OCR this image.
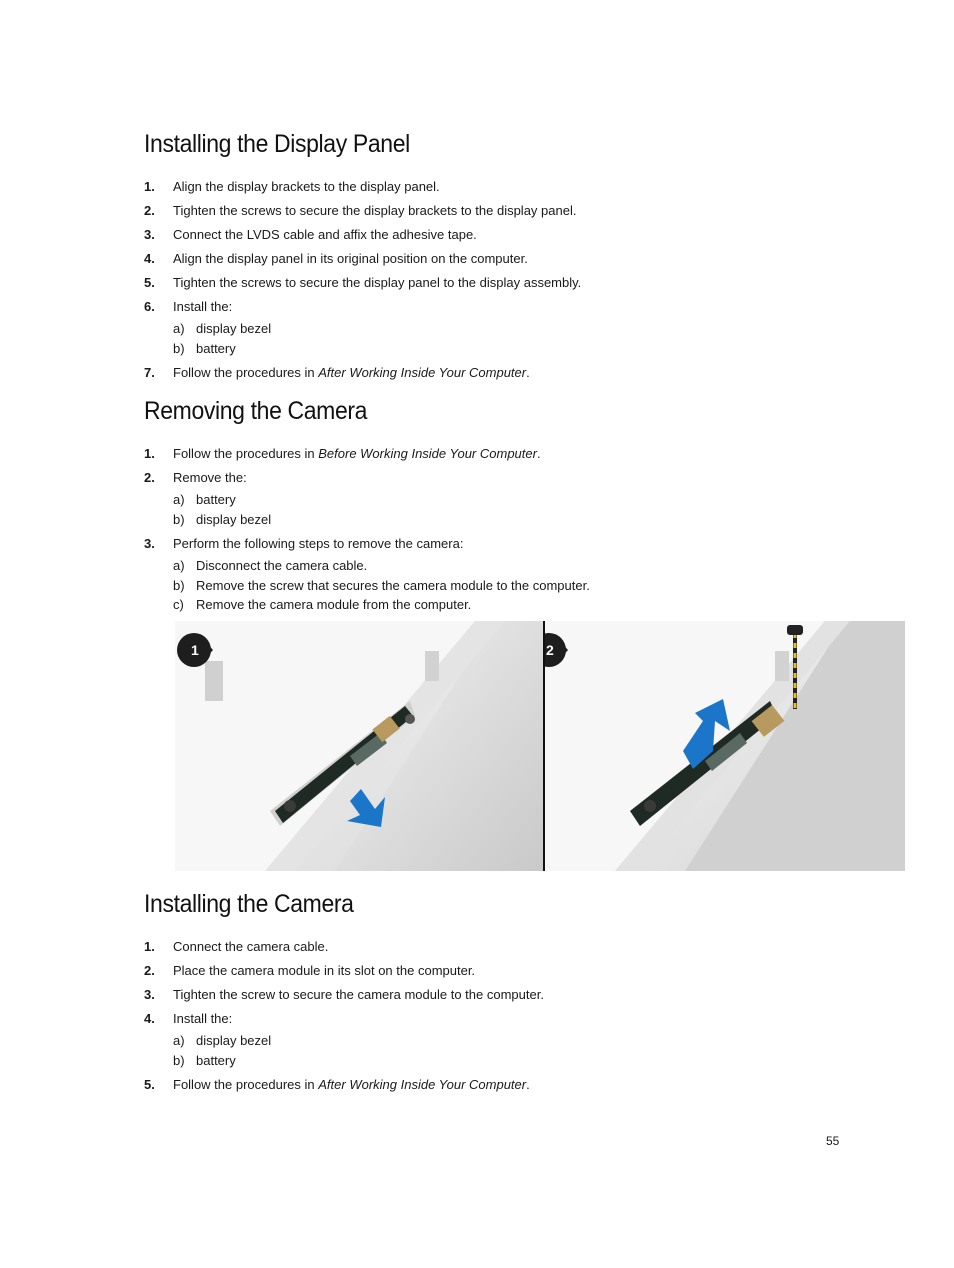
Installing the Display Panel
1. Align the display brackets to the display panel.
2. Tighten the screws to secure the display brackets to the display panel.
3. Connect the LVDS cable and affix the adhesive tape.
4. Align the display panel in its original position on the computer.
5. Tighten the screws to secure the display panel to the display assembly.
6. Install the:
a) display bezel
b) battery
7. Follow the procedures in After Working Inside Your Computer.
Removing the Camera
1. Follow the procedures in Before Working Inside Your Computer.
2. Remove the:
a) battery
b) display bezel
3. Perform the following steps to remove the camera:
a) Disconnect the camera cable.
b) Remove the screw that secures the camera module to the computer.
c) Remove the camera module from the computer.
1	2
Installing the Camera
1. Connect the camera cable.
2. Place the camera module in its slot on the computer.
3. Tighten the screw to secure the camera module to the computer.
4. Install the:
a) display bezel
b) battery
5. Follow the procedures in After Working Inside Your Computer.
55
